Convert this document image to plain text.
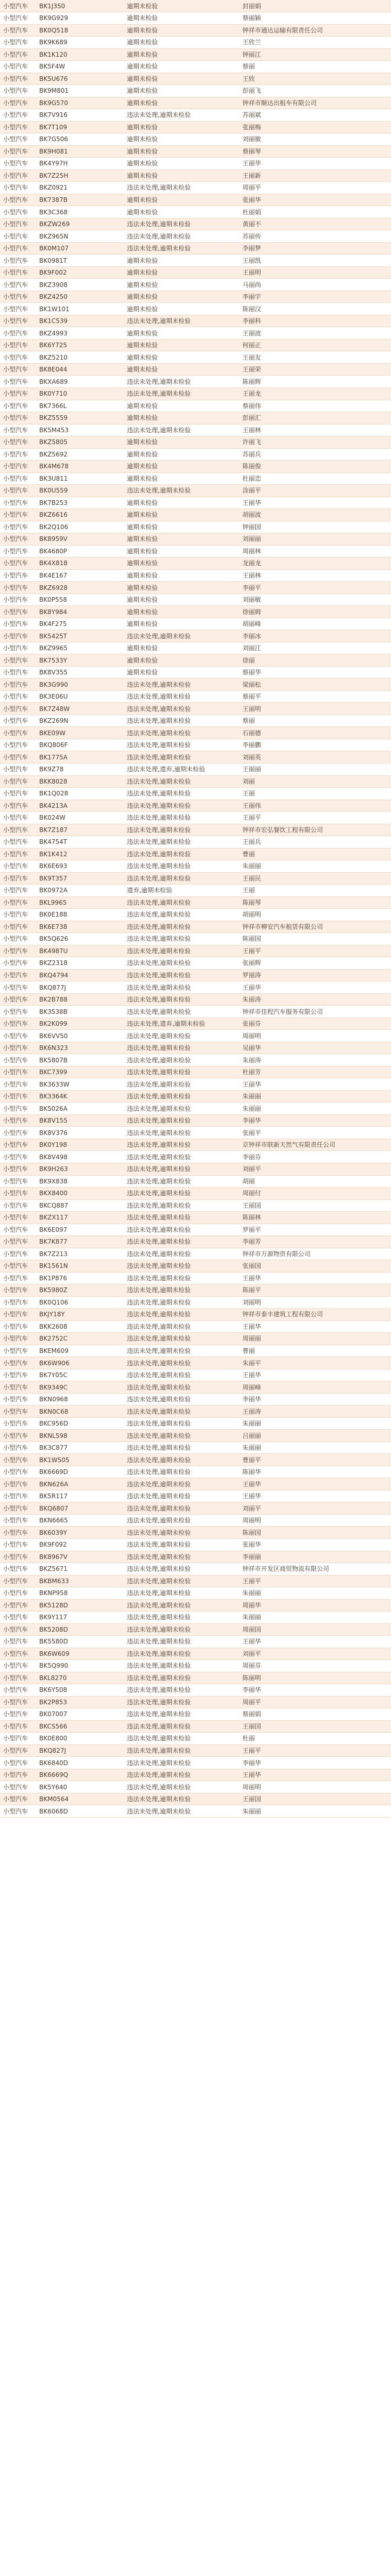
小型汽车	BK1J350	逾期未检验	封丽娟
小型汽车	BK9G929	逾期未检验	蔡丽颖
小型汽车	BK0Q518	逾期未检验	钟祥市通达运输有限责任公司
小型汽车	BK9K689	逾期未检验	王欣兰
小型汽车	BK1K120	逾期未检验	钟丽江
小型汽车	BK5F4W	逾期未检验	蔡丽
小型汽车	BK5U676	逾期未检验	王欣
小型汽车	BK9M801	逾期未检验	彭丽飞
小型汽车	BK9G570	逾期未检验	钟祥市顺达出租车有限公司
小型汽车	BK7V916	违法未处理,逾期未检验	苏丽斌
小型汽车	BK7T109	逾期未检验	张丽梅
小型汽车	BK7G506	逾期未检验	刘丽敏
小型汽车	BK9H081	逾期未检验	蔡丽琴
小型汽车	BK4Y97H	逾期未检验	王丽华
小型汽车	BK7Z25H	逾期未检验	王丽新
小型汽车	BKZ0921	违法未处理,逾期未检验	周丽平
小型汽车	BK7387B	逾期未检验	张丽华
小型汽车	BK3C368	逾期未检验	杜丽娟
小型汽车	BKZW269	违法未处理,逾期未检验	黄丽不
小型汽车	BKZ965N	违法未处理,逾期未检验	苏丽传
小型汽车	BK0M107	违法未处理,逾期未检验	李丽梦
小型汽车	BK0981T	逾期未检验	王丽凯
小型汽车	BK9F002	逾期未检验	王丽明
小型汽车	BKZ3908	逾期未检验	马丽尚
小型汽车	BKZ4250	逾期未检验	李丽宇
小型汽车	BK1W101	逾期未检验	陈丽汉
小型汽车	BK1C539	违法未处理,逾期未检验	李丽科
小型汽车	BKZ4993	逾期未检验	王丽波
小型汽车	BK6Y725	逾期未检验	何丽正
小型汽车	BKZ5210	逾期未检验	王丽友
小型汽车	BK8E044	逾期未检验	王丽荣
小型汽车	BKXA689	违法未处理,逾期未检验	陈丽辉
小型汽车	BK0Y710	违法未处理,逾期未检验	王丽龙
小型汽车	BK7366L	逾期未检验	蔡丽伟
小型汽车	BKZ5559	逾期未检验	彭丽汇
小型汽车	BK5M453	违法未处理,逾期未检验	王丽林
小型汽车	BKZ5805	逾期未检验	许丽飞
小型汽车	BKZ5692	逾期未检验	苏丽兵
小型汽车	BK4M678	逾期未检验	陈丽俊
小型汽车	BK3U811	逾期未检验	杜丽恋
小型汽车	BK0U559	违法未处理,逾期未检验	涂丽平
小型汽车	BK7B253	逾期未检验	王丽华
小型汽车	BKZ6616	逾期未检验	胡丽波
小型汽车	BK2Q106	逾期未检验	钟丽国
小型汽车	BK8959V	逾期未检验	刘丽丽
小型汽车	BK4680P	逾期未检验	周丽林
小型汽车	BK4X818	逾期未检验	龙丽龙
小型汽车	BK4E167	逾期未检验	王丽林
小型汽车	BKZ6928	逾期未检验	李丽平
小型汽车	BK0P558	逾期未检验	刘丽敏
小型汽车	BK8Y984	逾期未检验	徐丽姆
小型汽车	BK4F275	逾期未检验	胡丽峰
小型汽车	BK5425T	违法未处理,逾期未检验	李丽冰
小型汽车	BKZ9965	逾期未检验	刘丽江
小型汽车	BK7533Y	逾期未检验	徐丽
小型汽车	BK8V355	逾期未检验	蔡丽华
小型汽车	BK3G990	违法未处理,逾期未检验	梁丽松
小型汽车	BK3E06U	违法未处理,逾期未检验	蔡丽平
小型汽车	BK7Z48W	违法未处理,逾期未检验	王丽明
小型汽车	BKZ269N	违法未处理,逾期未检验	蔡丽
小型汽车	BKE09W	违法未处理,逾期未检验	石丽德
小型汽车	BKQ806F	违法未处理,逾期未检验	李丽鹏
小型汽车	BK1775A	违法未处理,逾期未检验	刘丽英
小型汽车	BK9Z78	违法未处理,遗弃,逾期未检验	王丽丽
小型汽车	BKK8028	违法未处理,逾期未检验	刘丽
小型汽车	BK1Q028	违法未处理,逾期未检验	王丽
小型汽车	BK4213A	违法未处理,逾期未检验	王丽伟
小型汽车	BK024W	违法未处理,逾期未检验	王丽平
小型汽车	BK7Z187	违法未处理,逾期未检验	钟祥市宏弘餐饮工程有限公司
小型汽车	BK4754T	违法未处理,逾期未检验	王丽兵
小型汽车	BK1K412	违法未处理,逾期未检验	曹丽
小型汽车	BK6E693	违法未处理,逾期未检验	朱丽丽
小型汽车	BK9T357	违法未处理,逾期未检验	王丽民
小型汽车	BK0972A	遗弃,逾期未检验	王丽
小型汽车	BKL9965	违法未处理,逾期未检验	陈丽琴
小型汽车	BK0E188	违法未处理,逾期未检验	胡丽明
小型汽车	BK6E738	违法未处理,逾期未检验	钟祥市柳安汽车租赁有限公司
小型汽车	BK5Q626	违法未处理,逾期未检验	陈丽国
小型汽车	BK4987U	违法未处理,逾期未检验	王丽平
小型汽车	BKZ2318	违法未处理,逾期未检验	张丽辉
小型汽车	BKQ4794	违法未处理,逾期未检验	罗丽涛
小型汽车	BKQ877J	违法未处理,逾期未检验	王丽华
小型汽车	BK2B788	违法未处理,逾期未检验	朱丽涛
小型汽车	BK3538B	违法未处理,逾期未检验	钟祥市佳程汽车服务有限公司
小型汽车	BK2K099	违法未处理,遗弃,逾期未检验	张丽芬
小型汽车	BK6VV50	违法未处理,逾期未检验	周丽明
小型汽车	BK6N323	违法未处理,逾期未检验	吴丽华
小型汽车	BK5807B	违法未处理,逾期未检验	朱丽涛
小型汽车	BKC7399	违法未处理,逾期未检验	杜丽芳
小型汽车	BK3633W	违法未处理,逾期未检验	王丽华
小型汽车	BK3364K	违法未处理,逾期未检验	朱丽丽
小型汽车	BK5026A	违法未处理,逾期未检验	朱丽丽
小型汽车	BK8V155	违法未处理,逾期未检验	李丽华
小型汽车	BK8V376	违法未处理,逾期未检验	张丽平
小型汽车	BK0Y198	违法未处理,逾期未检验	京钟祥市联新天然气有限责任公司
小型汽车	BK8V498	违法未处理,逾期未检验	李丽芬
小型汽车	BK9H263	违法未处理,逾期未检验	刘丽平
小型汽车	BK9X838	违法未处理,逾期未检验	胡丽
小型汽车	BKX8400	违法未处理,逾期未检验	周丽付
小型汽车	BKCQ887	违法未处理,逾期未检验	王丽国
小型汽车	BKZX117	违法未处理,逾期未检验	陈丽林
小型汽车	BK6E097	违法未处理,逾期未检验	罗丽平
小型汽车	BK7K877	违法未处理,逾期未检验	李丽芳
小型汽车	BK7Z213	违法未处理,逾期未检验	钟祥市万源物资有限公司
小型汽车	BK1561N	违法未处理,逾期未检验	张丽国
小型汽车	BK1P876	违法未处理,逾期未检验	王丽华
小型汽车	BK5980Z	违法未处理,逾期未检验	陈丽平
小型汽车	BK0Q106	违法未处理,逾期未检验	刘丽明
小型汽车	BKJY18Y	违法未处理,逾期未检验	钟祥市泰丰建筑工程有限公司
小型汽车	BKK2608	违法未处理,逾期未检验	王丽华
小型汽车	BK2752C	违法未处理,逾期未检验	周丽丽
小型汽车	BKEM609	违法未处理,逾期未检验	曹丽
小型汽车	BK6W906	违法未处理,逾期未检验	朱丽平
小型汽车	BK7Y05C	违法未处理,逾期未检验	王丽华
小型汽车	BK9349C	违法未处理,逾期未检验	周丽峰
小型汽车	BKN0968	违法未处理,逾期未检验	李丽华
小型汽车	BKN0C68	违法未处理,逾期未检验	王丽涛
小型汽车	BKC956D	违法未处理,逾期未检验	朱丽丽
小型汽车	BKNL598	违法未处理,逾期未检验	吕丽丽
小型汽车	BK3C877	违法未处理,逾期未检验	朱丽丽
小型汽车	BK1W505	违法未处理,逾期未检验	曹丽平
小型汽车	BK6669D	违法未处理,逾期未检验	陈丽华
小型汽车	BKN626A	违法未处理,逾期未检验	王丽华
小型汽车	BK5R117	违法未处理,逾期未检验	王丽华
小型汽车	BKQ6807	违法未处理,逾期未检验	刘丽平
小型汽车	BKN6665	违法未处理,逾期未检验	周丽明
小型汽车	BK6039Y	违法未处理,逾期未检验	陈丽国
小型汽车	BK9F092	违法未处理,逾期未检验	张丽华
小型汽车	BK8967V	违法未处理,逾期未检验	李丽丽
小型汽车	BKZ5671	违法未处理,逾期未检验	钟祥市开发区商贸物流有限公司
小型汽车	BKBM633	违法未处理,逾期未检验	王丽平
小型汽车	BKNP958	违法未处理,逾期未检验	朱丽丽
小型汽车	BK5128D	违法未处理,逾期未检验	周丽华
小型汽车	BK9Y117	违法未处理,逾期未检验	朱丽丽
小型汽车	BK5208D	违法未处理,逾期未检验	周丽国
小型汽车	BK5580D	违法未处理,逾期未检验	王丽华
小型汽车	BK6W609	违法未处理,逾期未检验	刘丽平
小型汽车	BK5Q990	违法未处理,逾期未检验	周丽芬
小型汽车	BKL8270	违法未处理,逾期未检验	陈丽明
小型汽车	BK6Y508	违法未处理,逾期未检验	李丽华
小型汽车	BK2P853	违法未处理,逾期未检验	周丽平
小型汽车	BK07007	违法未处理,逾期未检验	蔡丽娟
小型汽车	BKCS566	违法未处理,逾期未检验	王丽国
小型汽车	BK0E800	违法未处理,逾期未检验	杜丽
小型汽车	BKQ827J	违法未处理,逾期未检验	王丽平
小型汽车	BK6840D	违法未处理,逾期未检验	李丽华
小型汽车	BK6669Q	违法未处理,逾期未检验	王丽华
小型汽车	BK5Y640	违法未处理,逾期未检验	周丽明
小型汽车	BKM0564	违法未处理,逾期未检验	王丽国
小型汽车	BK6068D	违法未处理,逾期未检验	朱丽丽
